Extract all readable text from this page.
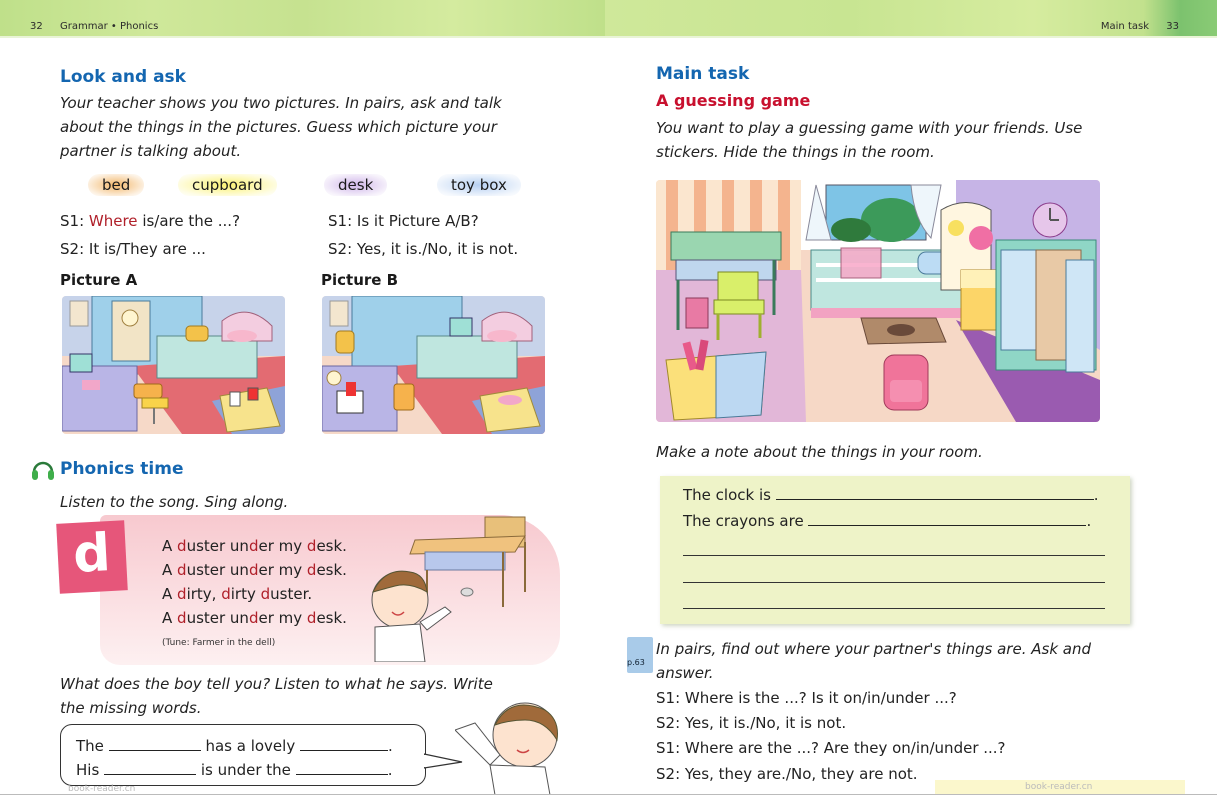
32 Grammar • Phonics
Look and ask
Your teacher shows you two pictures. In pairs, ask and talk
about the things in the pictures. Guess which picture your
partner is talking about.
bed	cupboard	desk	toy box
S1: Where is/are the ...?
S2: It is/They are ...
S1: Is it Picture A/B?
S2: Yes, it is./No, it is not.
Picture A	Picture B
Phonics time
Listen to the song. Sing along.
d	A duster under my desk.
A duster under my desk.
A dirty, dirty duster.
A duster under my desk.
(Tune: Farmer in the dell)
What does the boy tell you? Listen to what he says. Write
the missing words.
The	has a lovely	.
His	is under the	.
book-reader.cn
Main task 33
Main task
A guessing game
You want to play a guessing game with your friends. Use
stickers. Hide the things in the room.
Make a note about the things in your room.
The clock is	.
The crayons are	.
p.63
In pairs, find out where your partner's things are. Ask and
answer.
S1: Where is the ...? Is it on/in/under ...?
S2: Yes, it is./No, it is not.
S1: Where are the ...? Are they on/in/under ...?
S2: Yes, they are./No, they are not.
book-reader.cn
